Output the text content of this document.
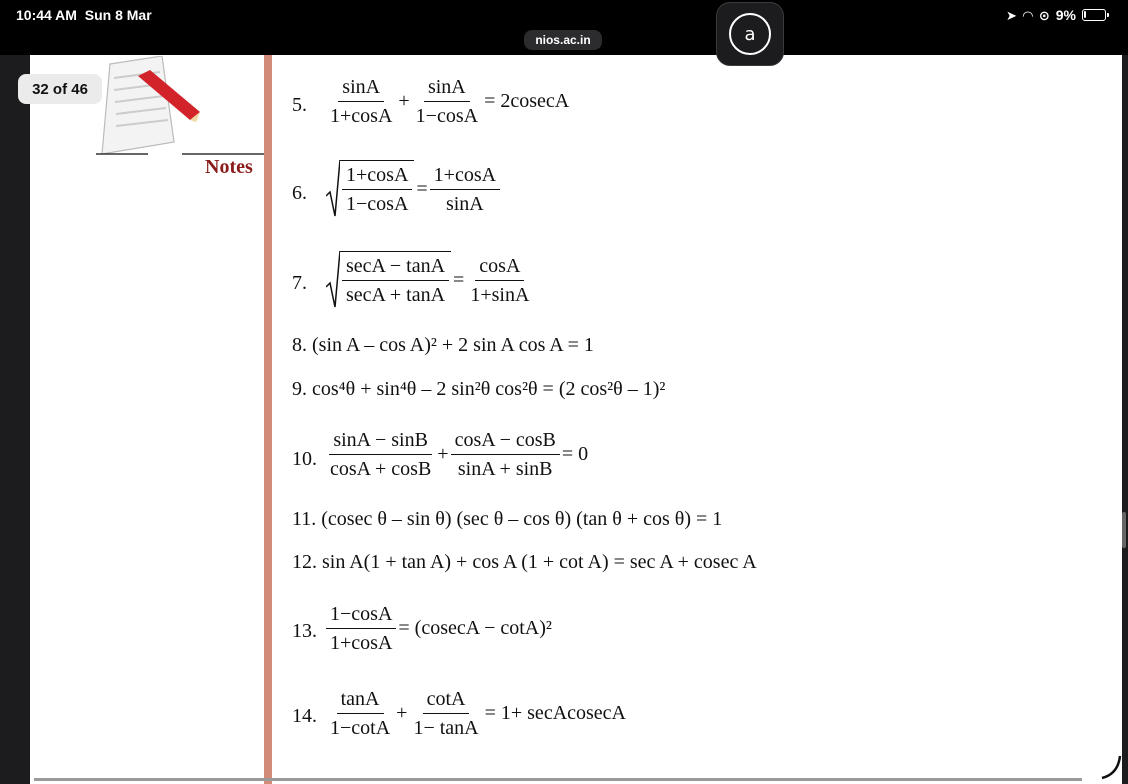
10:44 AM Sun 8 Mar	➤ ◠ ⊙ 9%
nios.ac.in	a
32 of 46
Notes
5. $\frac{\sin A}{1+\cos A} + \frac{\sin A}{1-\cos A} = 2cosecA$
6. $\frac{1+\cos A}{1-\cos A} = \frac{1+\cos A}{\sin A}$
7. $\frac{\sec A - \tan A}{\sec A + \tan A} = \frac{\cos A}{1+\sin A}$
8. (sin A – cos A)² + 2 sin A cos A = 1
9. cos⁴θ + sin⁴θ – 2 sin²θ cos²θ = (2 cos²θ – 1)²
10. $\frac{\sin A - \sin B}{\cos A + \cos B} + \frac{\cos A - \cos B}{\sin A + \sin B} = 0$
11. (cosec θ – sin θ) (sec θ – cos θ) (tan θ + cos θ) = 1
12. sin A(1 + tan A) + cos A (1 + cot A) = sec A + cosec A
13. $\frac{1-\cos A}{1+\cos A} = (cosecA - \cot A)^2$
14. $\frac{\tan A}{1-\cot A} + \frac{\cot A}{1- \tan A} = 1+$ secAcosecA
